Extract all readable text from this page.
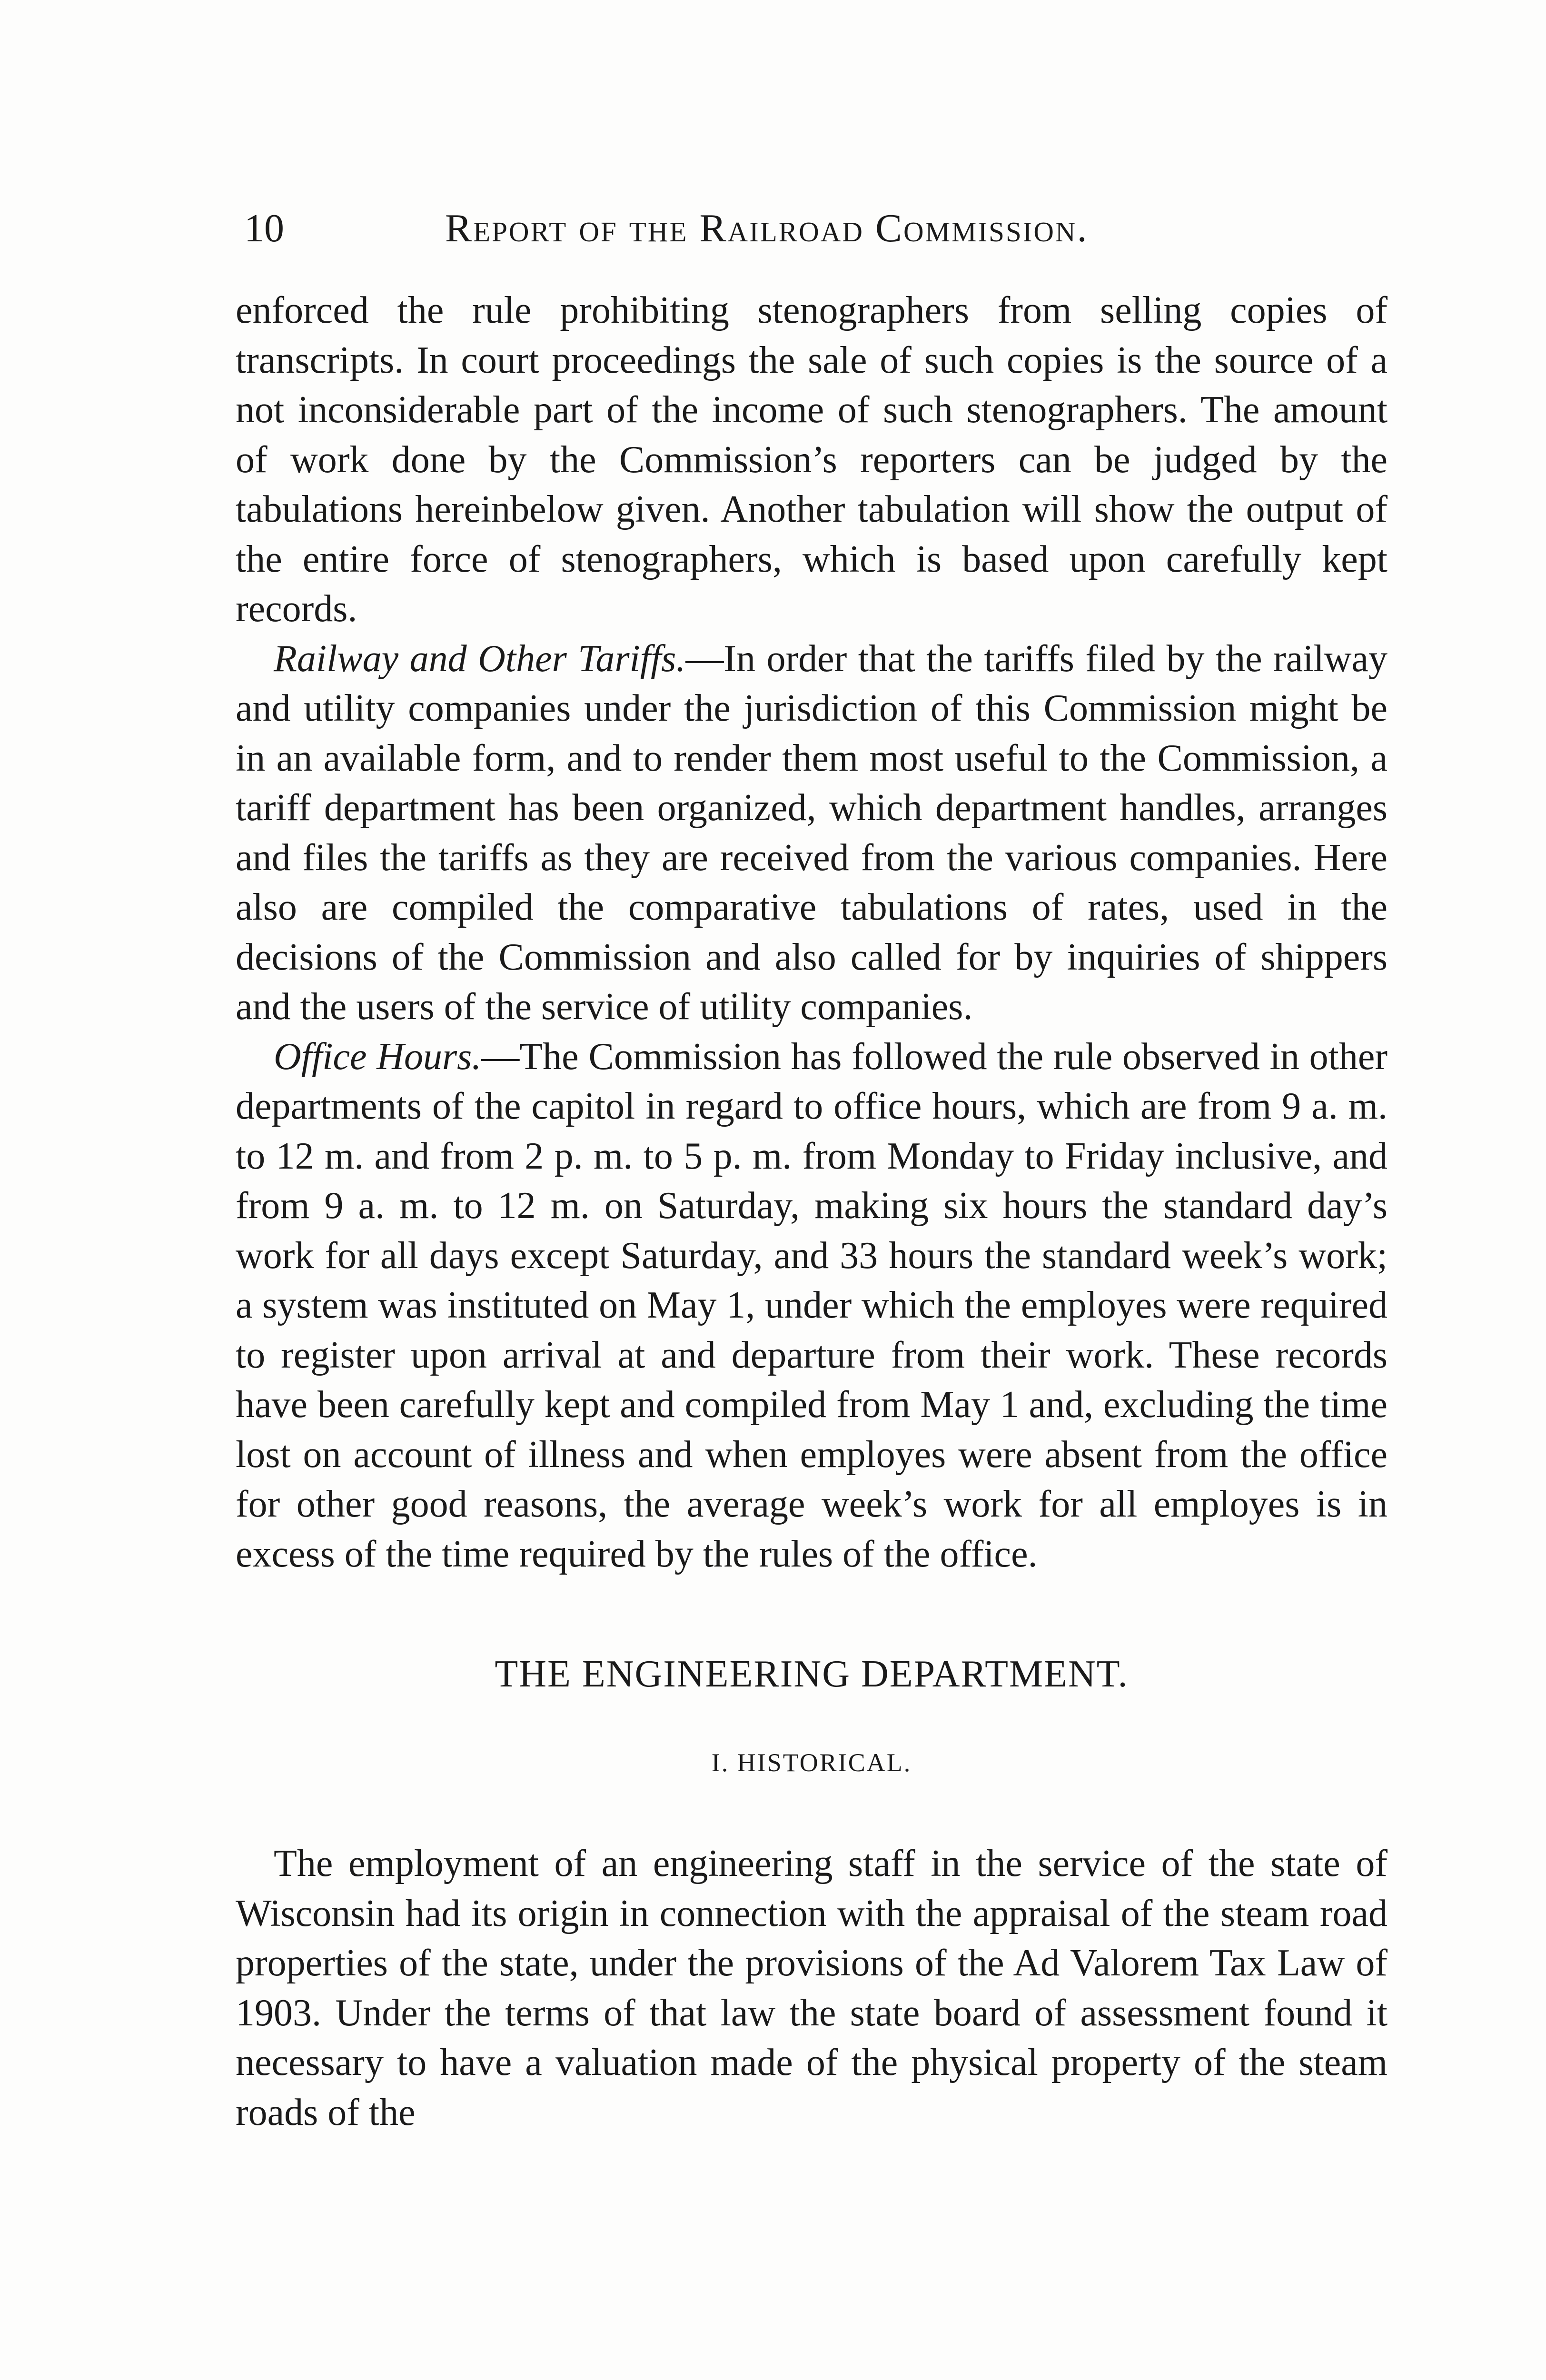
10	Report of the Railroad Commission.

enforced the rule prohibiting stenographers from selling copies of transcripts. In court proceedings the sale of such copies is the source of a not inconsiderable part of the income of such stenographers. The amount of work done by the Commission’s reporters can be judged by the tabulations hereinbelow given. Another tabulation will show the output of the entire force of stenographers, which is based upon carefully kept records.

Railway and Other Tariffs.—In order that the tariffs filed by the railway and utility companies under the jurisdiction of this Commission might be in an available form, and to render them most useful to the Commission, a tariff department has been organized, which department handles, arranges and files the tariffs as they are received from the various companies. Here also are compiled the comparative tabulations of rates, used in the decisions of the Commission and also called for by inquiries of shippers and the users of the service of utility companies.

Office Hours.—The Commission has followed the rule observed in other departments of the capitol in regard to office hours, which are from 9 a. m. to 12 m. and from 2 p. m. to 5 p. m. from Monday to Friday inclusive, and from 9 a. m. to 12 m. on Saturday, making six hours the standard day’s work for all days except Saturday, and 33 hours the standard week’s work; a system was instituted on May 1, under which the employes were required to register upon arrival at and departure from their work. These records have been carefully kept and compiled from May 1 and, excluding the time lost on account of illness and when employes were absent from the office for other good reasons, the average week’s work for all employes is in excess of the time required by the rules of the office.

THE ENGINEERING DEPARTMENT.
I. HISTORICAL.

The employment of an engineering staff in the service of the state of Wisconsin had its origin in connection with the appraisal of the steam road properties of the state, under the provisions of the Ad Valorem Tax Law of 1903. Under the terms of that law the state board of assessment found it necessary to have a valuation made of the physical property of the steam roads of the
